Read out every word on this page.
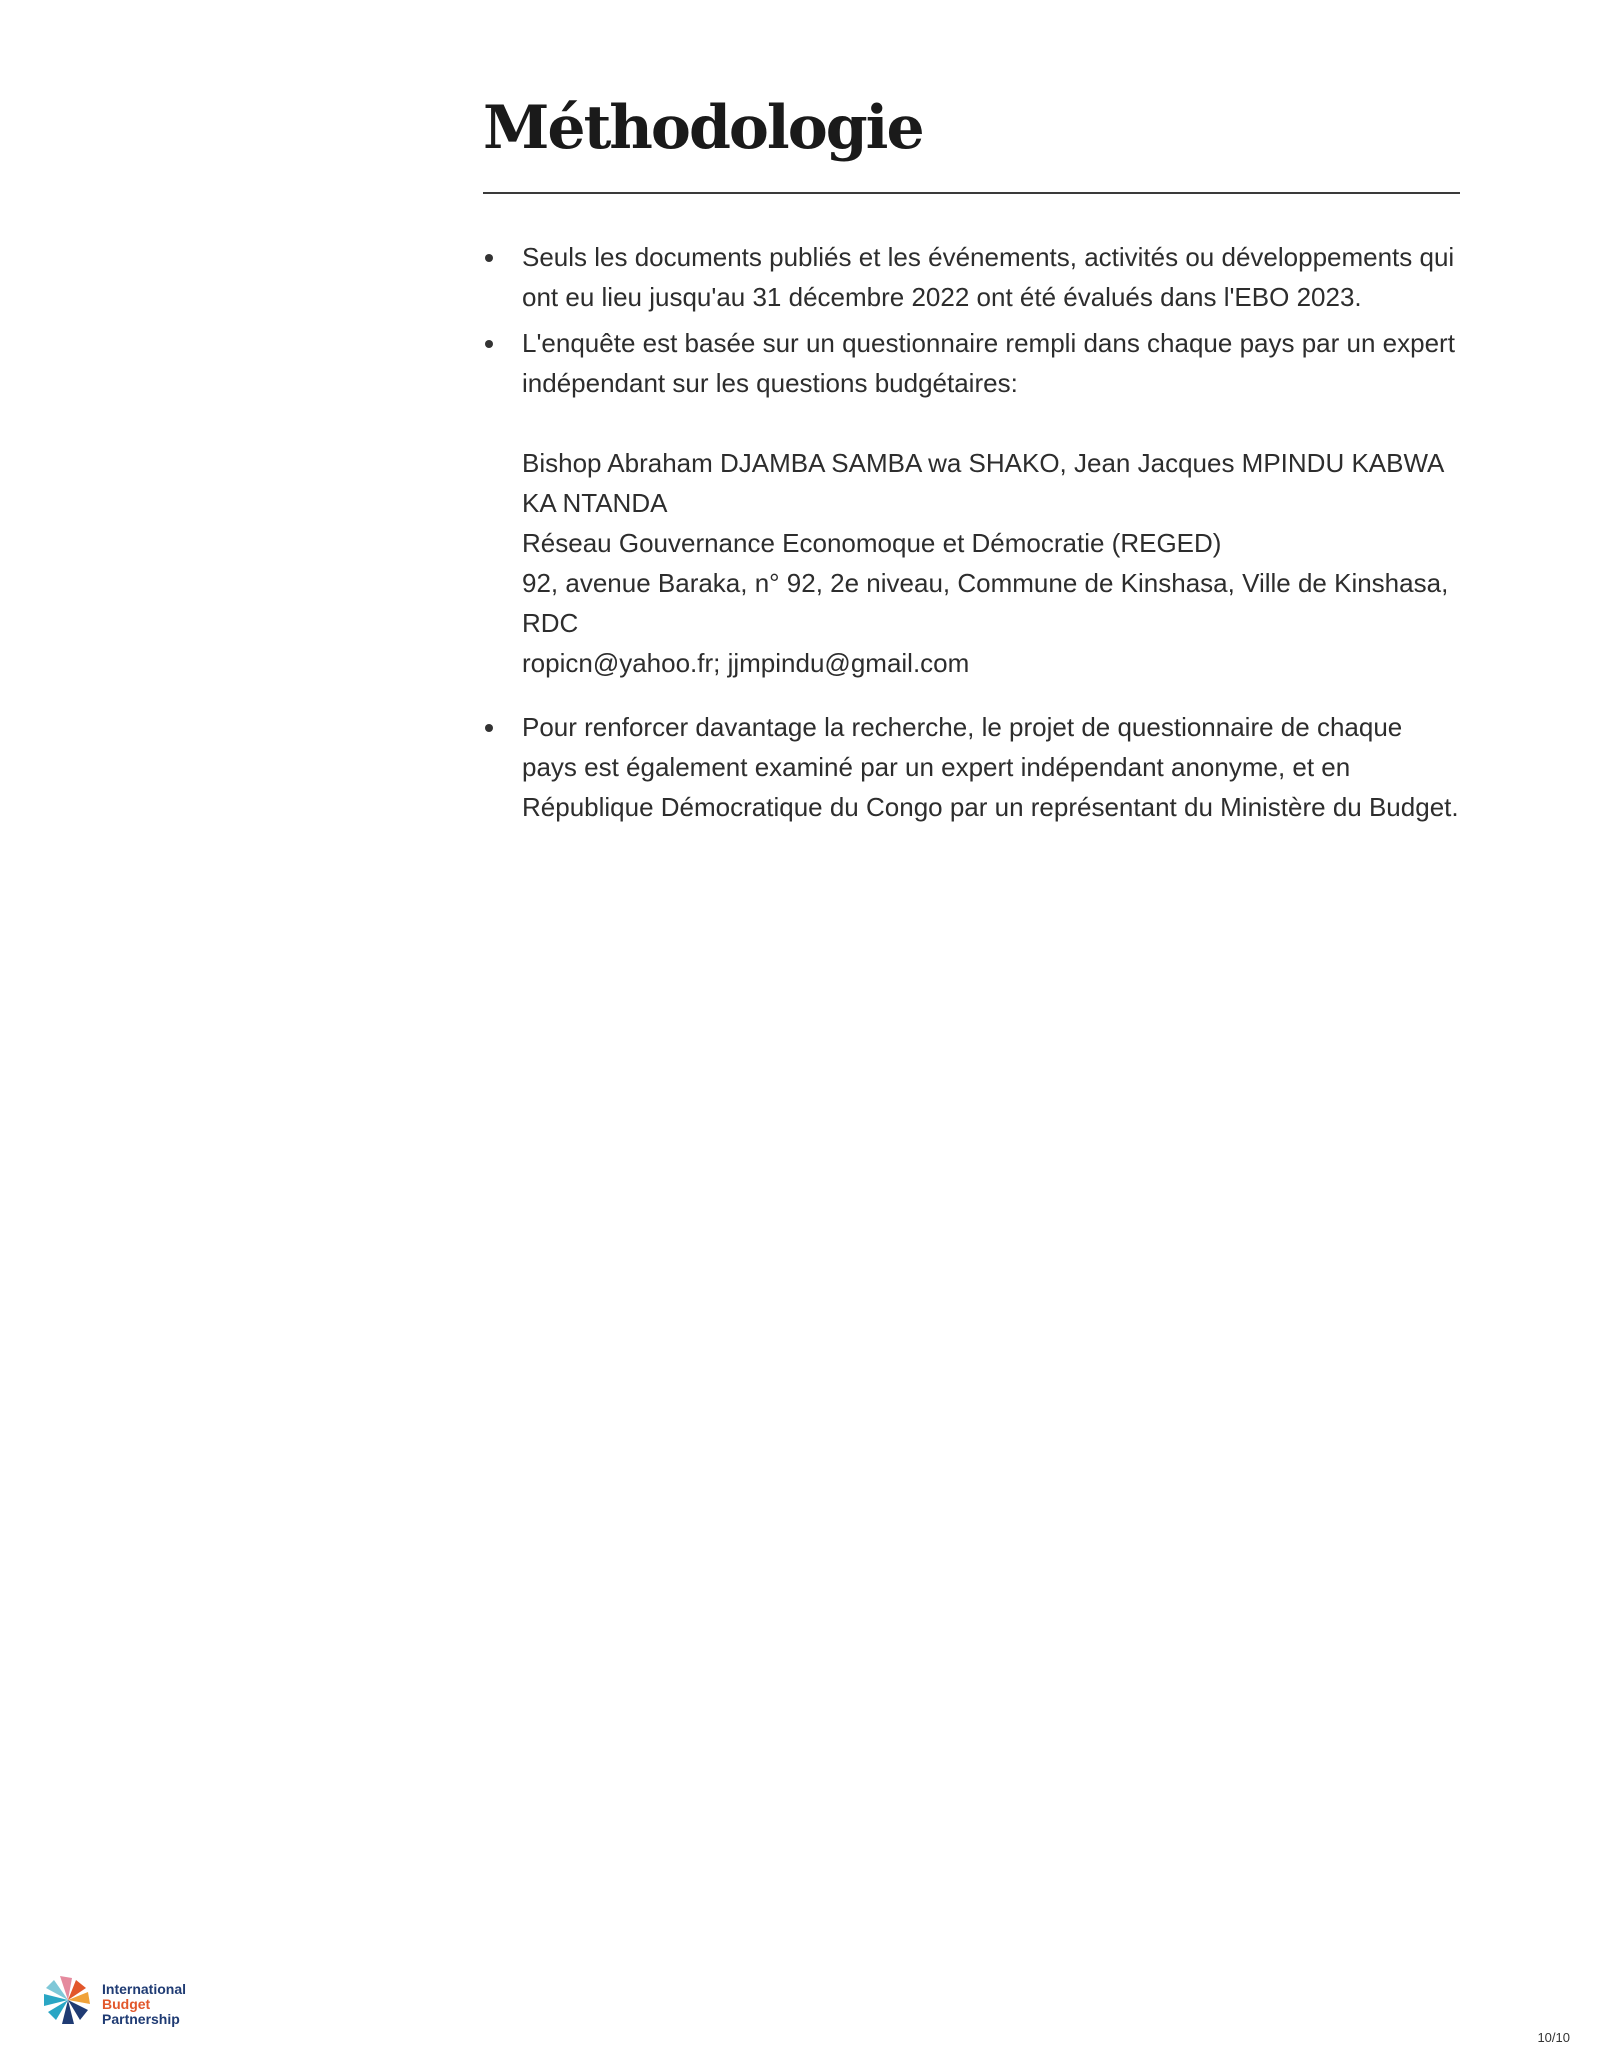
Méthodologie
Seuls les documents publiés et les événements, activités ou développements qui ont eu lieu jusqu'au 31 décembre 2022 ont été évalués dans l'EBO 2023.
L'enquête est basée sur un questionnaire rempli dans chaque pays par un expert indépendant sur les questions budgétaires:
Bishop Abraham DJAMBA SAMBA wa SHAKO, Jean Jacques MPINDU KABWA KA NTANDA
Réseau Gouvernance Economoque et Démocratie (REGED)
92, avenue Baraka, n° 92, 2e niveau, Commune de Kinshasa, Ville de Kinshasa, RDC
ropicn@yahoo.fr; jjmpindu@gmail.com
Pour renforcer davantage la recherche, le projet de questionnaire de chaque pays est également examiné par un expert indépendant anonyme, et en République Démocratique du Congo par un représentant du Ministère du Budget.
International
Budget
Partnership
10/10
